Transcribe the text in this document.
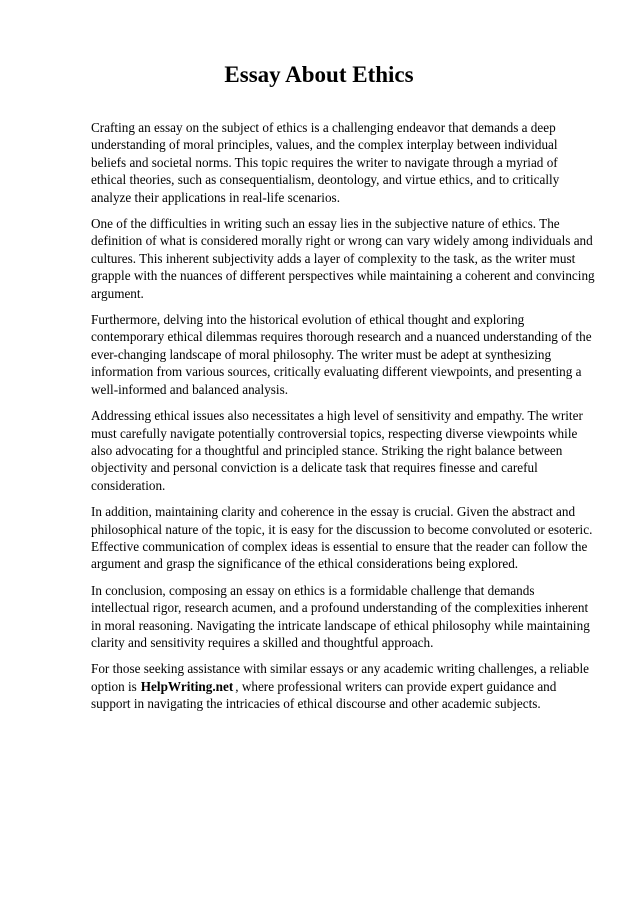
Essay About Ethics

Crafting an essay on the subject of ethics is a challenging endeavor that demands a deep understanding of moral principles, values, and the complex interplay between individual beliefs and societal norms. This topic requires the writer to navigate through a myriad of ethical theories, such as consequentialism, deontology, and virtue ethics, and to critically analyze their applications in real-life scenarios.

One of the difficulties in writing such an essay lies in the subjective nature of ethics. The definition of what is considered morally right or wrong can vary widely among individuals and cultures. This inherent subjectivity adds a layer of complexity to the task, as the writer must grapple with the nuances of different perspectives while maintaining a coherent and convincing argument.

Furthermore, delving into the historical evolution of ethical thought and exploring contemporary ethical dilemmas requires thorough research and a nuanced understanding of the ever-changing landscape of moral philosophy. The writer must be adept at synthesizing information from various sources, critically evaluating different viewpoints, and presenting a well-informed and balanced analysis.

Addressing ethical issues also necessitates a high level of sensitivity and empathy. The writer must carefully navigate potentially controversial topics, respecting diverse viewpoints while also advocating for a thoughtful and principled stance. Striking the right balance between objectivity and personal conviction is a delicate task that requires finesse and careful consideration.

In addition, maintaining clarity and coherence in the essay is crucial. Given the abstract and philosophical nature of the topic, it is easy for the discussion to become convoluted or esoteric. Effective communication of complex ideas is essential to ensure that the reader can follow the argument and grasp the significance of the ethical considerations being explored.

In conclusion, composing an essay on ethics is a formidable challenge that demands intellectual rigor, research acumen, and a profound understanding of the complexities inherent in moral reasoning. Navigating the intricate landscape of ethical philosophy while maintaining clarity and sensitivity requires a skilled and thoughtful approach.

For those seeking assistance with similar essays or any academic writing challenges, a reliable option is HelpWriting.net , where professional writers can provide expert guidance and support in navigating the intricacies of ethical discourse and other academic subjects.
